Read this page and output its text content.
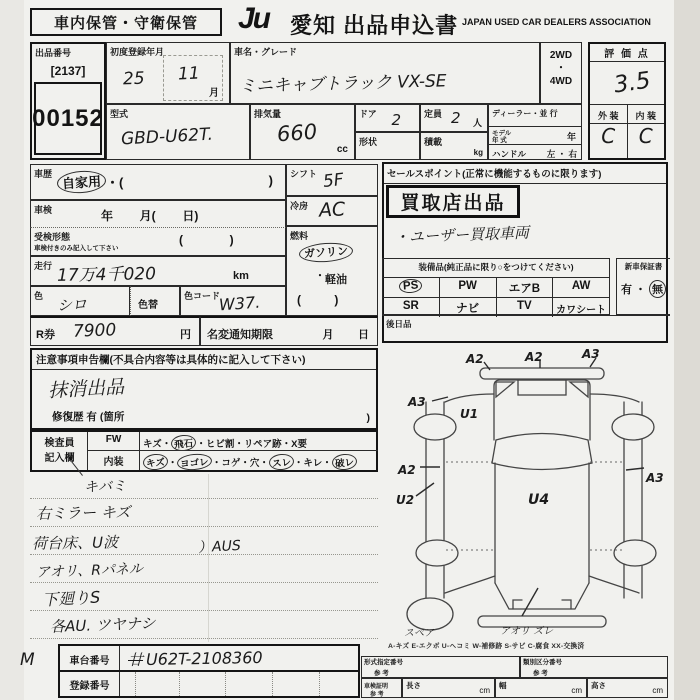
車内保管・守衛保管 Ju 愛知 出品申込書 JAPAN USED CAR DEALERS ASSOCIATION
出品番号
[2137]
00152
初度登録年月
25 11
月
車名・グレード
ミニキャブトラック VX-SE
2WD
・
4WD
評 価 点
3.5
外 装	内 装
C	C
型式
GBD-U62T.
排気量
660
cc
ドア 2
形状
定員 2 人
積載
kg
ディーラー・並 行
モデル
年 式	年
ハンドル 左 ・ 右
車歴 自家用 ・(	)
車検	年        月(        日)
受検形態
車検付きのみ記入して下さい
(              )
走行 17万4千020	km
色 シロ	色替
色コード
W37.
シフト 5F
冷房 AC
燃料
ガソリン
・ 軽油
(          )
R券 7900	円 名変通知期限	月        日
注意事項申告欄(不具合内容等は具体的に記入して下さい)
抹消出品
修復歴 有 (箇所	)
検査員
記入欄
FW	キズ・ 飛石 ・ヒビ割・リペア跡・X要
内装	キズ ・ ヨゴレ ・コゲ・穴・ スレ ・キレ・ 破レ
キバミ
右ミラー キズ
荷台床、U波	）AUS
アオリ、Rパネル
下廻りS
各AU. ツヤナシ
M	車台番号	廿 U62T-2108360
登録番号
セールスポイント(正常に機能するものに限ります)
買取店出品
・ユーザー買取車両
装備品(純正品に限り○をつけてください)
PS	PW	エアB	AW
SR	ナビ	TV	カワシート
新車保証書
有 ・ 無
後日品
A2	A2	A3
A3
U1
A2
U2
A3
U4
スペア	アオリ ズレ
A-キズ E-エクボ U-ヘコミ W-補修跡 S-サビ C-腐食 XX-交換済
形式指定番号
参 考
類別区分番号
参 考
車検証明
参 考
長さ
cm
幅
cm
高さ
cm
